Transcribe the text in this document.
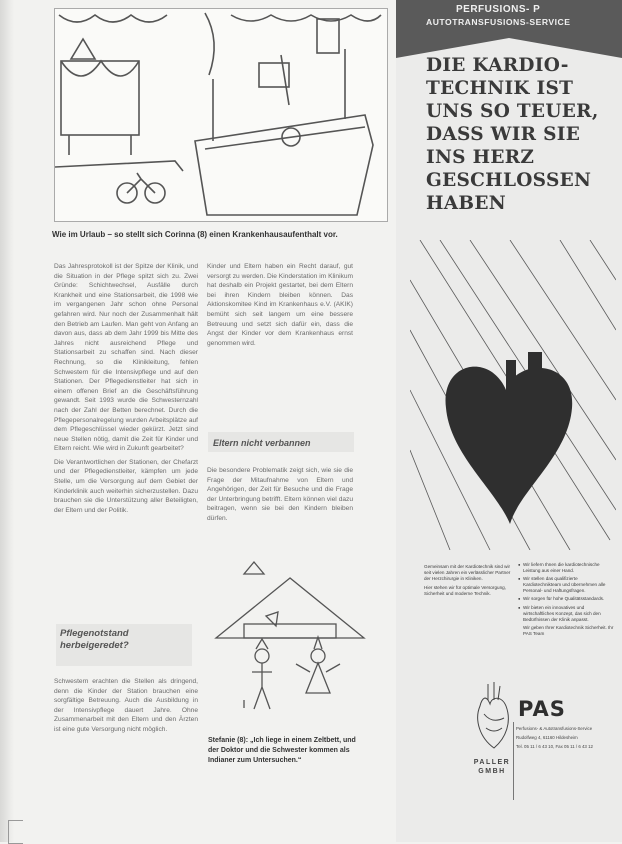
Wie im Urlaub – so stellt sich Corinna (8) einen Krankenhausaufenthalt vor.

Das Jahresprotokoll ist der Spitze der Klinik, und die Situation in der Pflege spitzt sich zu. Zwei Gründe: Schichtwechsel, Ausfälle durch Krankheit und eine Stationsarbeit, die 1998 wie im vergangenen Jahr schon ohne Personal gefahren wird. Nur noch der Zusammenhalt hält den Betrieb am Laufen. Man geht von Anfang an davon aus, dass ab dem Jahr 1999 bis Mitte des Jahres nicht ausreichend Pflege und Stationsarbeit zu schaffen sind. Nach dieser Rechnung, so die Klinikleitung, fehlen Schwestern für die Intensivpflege und auf den Stationen. Der Pflegedienstleiter hat sich in einem offenen Brief an die Geschäftsführung gewandt. Seit 1993 wurde die Schwesternzahl nach der Zahl der Betten berechnet. Durch die Pflegepersonalregelung wurden Arbeitsplätze auf dem Pflegeschlüssel wieder gekürzt. Jetzt sind neue Stellen nötig, damit die Zeit für Kinder und Eltern reicht. Wie wird in Zukunft gearbeitet?

Die Verantwortlichen der Stationen, der Chefarzt und der Pflegedienstleiter, kämpfen um jede Stelle, um die Versorgung auf dem Gebiet der Kinderklinik auch weiterhin sicherzustellen. Dazu brauchen sie die Unterstützung aller Beteiligten, der Eltern und der Politik.

Pflegenotstand herbeigeredet?

Schwestern erachten die Stellen als dringend, denn die Kinder der Station brauchen eine sorgfältige Betreuung. Auch die Ausbildung in der Intensivpflege dauert Jahre. Ohne Zusammenarbeit mit den Eltern und den Ärzten ist eine gute Versorgung nicht möglich.

Kinder und Eltern haben ein Recht darauf, gut versorgt zu werden. Die Kinderstation im Klinikum hat deshalb ein Projekt gestartet, bei dem Eltern bei ihren Kindern bleiben können. Das Aktionskomitee Kind im Krankenhaus e.V. (AKIK) bemüht sich seit langem um eine bessere Betreuung und setzt sich dafür ein, dass die Angst der Kinder vor dem Krankenhaus ernst genommen wird.

Eltern nicht verbannen

Die besondere Problematik zeigt sich, wie sie die Frage der Mitaufnahme von Eltern und Angehörigen, der Zeit für Besuche und die Frage der Unterbringung betrifft. Eltern können viel dazu beitragen, wenn sie bei den Kindern bleiben dürfen.

Stefanie (8): „Ich liege in einem Zeltbett, und der Doktor und die Schwester kommen als Indianer zum Untersuchen.“
PERFUSIONS- P
AUTOTRANSFUSIONS-SERVICE
DIE KARDIO-
TECHNIK IST
UNS SO TEUER,
DASS WIR SIE
INS HERZ
GESCHLOSSEN
HABEN

Gemeinsam mit der Kardiotechnik sind wir seit vielen Jahren ein verlässlicher Partner der Herzchirurgie in Kliniken.

Hier stehen wir für optimale Versorgung, Sicherheit und moderne Technik.

● Wir liefern Ihnen die kardiotechnische Leistung aus einer Hand.
● Wir stellen das qualifizierte Kardiotechnikteam und übernehmen alle Personal- und Haftungsfragen.
● Wir sorgen für hohe Qualitätsstandards.
● Wir bieten ein innovatives und wirtschaftliches Konzept, das sich den Bedürfnissen der Klinik anpasst.
Wir geben Ihrer Kardiotechnik Sicherheit. Ihr PAS Team
PAS
PALLER
GMBH

Perfusions- & Autotransfusions-Service

Rudolfweg 4, 61160 Hildesheim

Tel. 05 11 / 6 43 10, Fax 05 11 / 6 43 12
